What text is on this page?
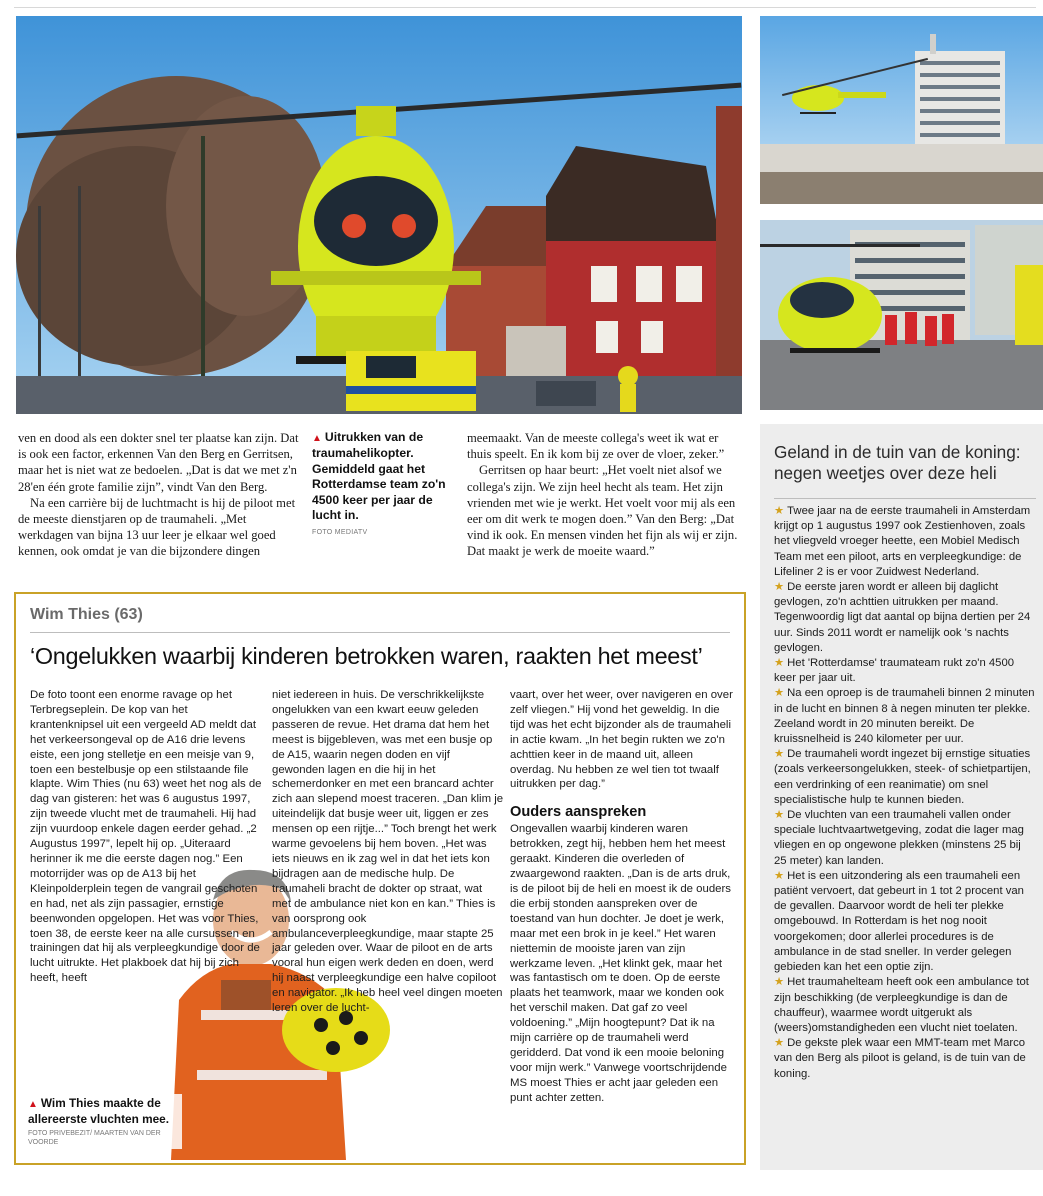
ven en dood als een dokter snel ter plaatse kan zijn. Dat is ook een factor, erkennen Van den Berg en Gerritsen, maar het is niet wat ze bedoelen. „Dat is dat we met z'n 28'en één grote familie zijn”, vindt Van den Berg.

Na een carrière bij de luchtmacht is hij de piloot met de meeste dienstjaren op de traumaheli. „Met werkdagen van bijna 13 uur leer je elkaar wel goed kennen, ook omdat je van die bijzondere dingen

▲ Uitrukken van de traumahelikopter. Gemiddeld gaat het Rotterdamse team zo'n 4500 keer per jaar de lucht in.
FOTO MEDIATV

meemaakt. Van de meeste collega's weet ik wat er thuis speelt. En ik kom bij ze over de vloer, zeker.”

Gerritsen op haar beurt: „Het voelt niet alsof we collega's zijn. We zijn heel hecht als team. Het zijn vrienden met wie je werkt. Het voelt voor mij als een eer om dit werk te mogen doen.” Van den Berg: „Dat vind ik ook. En mensen vinden het fijn als wij er zijn. Dat maakt je werk de moeite waard.”

Geland in de tuin van de koning: negen weetjes over deze heli
★ Twee jaar na de eerste traumaheli in Amsterdam krijgt op 1 augustus 1997 ook Zestienhoven, zoals het vliegveld vroeger heette, een Mobiel Medisch Team met een piloot, arts en verpleegkundige: de Lifeliner 2 is er voor Zuidwest Nederland.
★ De eerste jaren wordt er alleen bij daglicht gevlogen, zo'n achttien uitrukken per maand. Tegenwoordig ligt dat aantal op bijna dertien per 24 uur. Sinds 2011 wordt er namelijk ook 's nachts gevlogen.
★ Het 'Rotterdamse' traumateam rukt zo'n 4500 keer per jaar uit.
★ Na een oproep is de traumaheli binnen 2 minuten in de lucht en binnen 8 à negen minuten ter plekke. Zeeland wordt in 20 minuten bereikt. De kruissnelheid is 240 kilometer per uur.
★ De traumaheli wordt ingezet bij ernstige situaties (zoals verkeersongelukken, steek- of schietpartijen, een verdrinking of een reanimatie) om snel specialistische hulp te kunnen bieden.
★ De vluchten van een traumaheli vallen onder speciale luchtvaartwetgeving, zodat die lager mag vliegen en op ongewone plekken (minstens 25 bij 25 meter) kan landen.
★ Het is een uitzondering als een traumaheli een patiënt vervoert, dat gebeurt in 1 tot 2 procent van de gevallen. Daarvoor wordt de heli ter plekke omgebouwd. In Rotterdam is het nog nooit voorgekomen; door allerlei procedures is de ambulance in de stad sneller. In verder gelegen gebieden kan het een optie zijn.
★ Het traumahelteam heeft ook een ambulance tot zijn beschikking (de verpleegkundige is dan de chauffeur), waarmee wordt uitgerukt als (weers)omstandigheden een vlucht niet toelaten.
★ De gekste plek waar een MMT-team met Marco van den Berg als piloot is geland, is de tuin van de koning.
Wim Thies (63)
‘Ongelukken waarbij kinderen betrokken waren, raakten het meest’
De foto toont een enorme ravage op het Terbregseplein. De kop van het krantenknipsel uit een vergeeld AD meldt dat het verkeersongeval op de A16 drie levens eiste, een jong stelletje en een meisje van 9, toen een bestelbusje op een stilstaande file klapte. Wim Thies (nu 63) weet het nog als de dag van gisteren: het was 6 augustus 1997, zijn tweede vlucht met de traumaheli. Hij had zijn vuurdoop enkele dagen eerder gehad. „2 Augustus 1997”, lepelt hij op. „Uiteraard herinner ik me die eerste dagen nog.” Een motorrijder was op de A13 bij het Kleinpolderplein tegen de vangrail geschoten en had, net als zijn passagier, ernstige beenwonden opgelopen. Het was voor Thies, toen 38, de eerste keer na alle cursussen en trainingen dat hij als verpleegkundige door de lucht uitrukte. Het plakboek dat hij bij zich heeft, heeft
▲ Wim Thies maakte de allereerste vluchten mee.
FOTO PRIVEBEZIT/ MAARTEN VAN DER VOORDE
niet iedereen in huis. De verschrikkelijkste ongelukken van een kwart eeuw geleden passeren de revue. Het drama dat hem het meest is bijgebleven, was met een busje op de A15, waarin negen doden en vijf gewonden lagen en die hij in het schemerdonker en met een brancard achter zich aan slepend moest traceren. „Dan klim je uiteindelijk dat busje weer uit, liggen er zes mensen op een rijtje...” Toch brengt het werk warme gevoelens bij hem boven. „Het was iets nieuws en ik zag wel in dat het iets kon bijdragen aan de medische hulp. De traumaheli bracht de dokter op straat, wat met de ambulance niet kon en kan.” Thies is van oorsprong ook ambulanceverpleegkundige, maar stapte 25 jaar geleden over. Waar de piloot en de arts vooral hun eigen werk deden en doen, werd hij naast verpleegkundige een halve copiloot en navigator. „Ik heb heel veel dingen moeten leren over de lucht-
vaart, over het weer, over navigeren en over zelf vliegen.” Hij vond het geweldig. In die tijd was het echt bijzonder als de traumaheli in actie kwam. „In het begin rukten we zo'n achttien keer in de maand uit, alleen overdag. Nu hebben ze wel tien tot twaalf uitrukken per dag.”
Ouders aanspreken
Ongevallen waarbij kinderen waren betrokken, zegt hij, hebben hem het meest geraakt. Kinderen die overleden of zwaargewond raakten. „Dan is de arts druk, is de piloot bij de heli en moest ik de ouders die erbij stonden aanspreken over de toestand van hun dochter. Je doet je werk, maar met een brok in je keel.” Het waren niettemin de mooiste jaren van zijn werkzame leven. „Het klinkt gek, maar het was fantastisch om te doen. Op de eerste plaats het teamwork, maar we konden ook het verschil maken. Dat gaf zo veel voldoening.” „Mijn hoogtepunt? Dat ik na mijn carrière op de traumaheli werd geridderd. Dat vond ik een mooie beloning voor mijn werk.” Vanwege voortschrijdende MS moest Thies er acht jaar geleden een punt achter zetten.
